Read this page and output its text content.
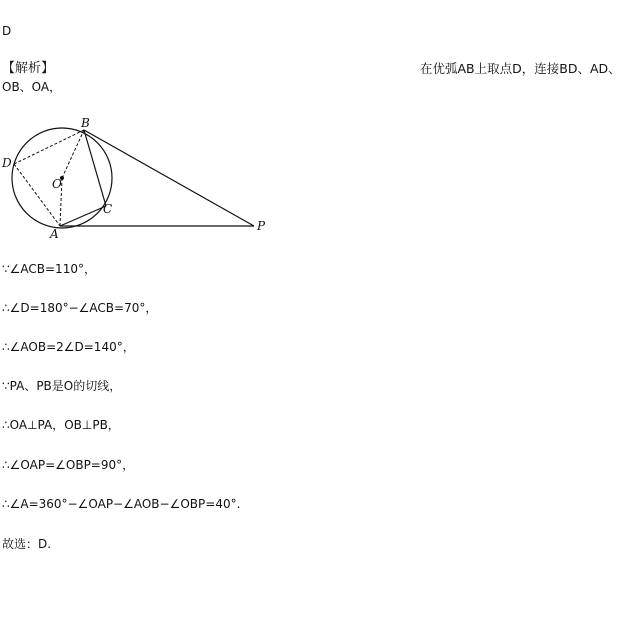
D
【解析】	在优弧AB上取点D，连接BD、AD、
OB、OA，
B
D
O
C
A
P
∵∠ACB=110°，
∴∠D=180°−∠ACB=70°，
∴∠AOB=2∠D=140°，
∵PA、PB是O的切线，
∴OA⊥PA，OB⊥PB，
∴∠OAP=∠OBP=90°，
∴∠A=360°−∠OAP−∠AOB−∠OBP=40°.
故选：D.
